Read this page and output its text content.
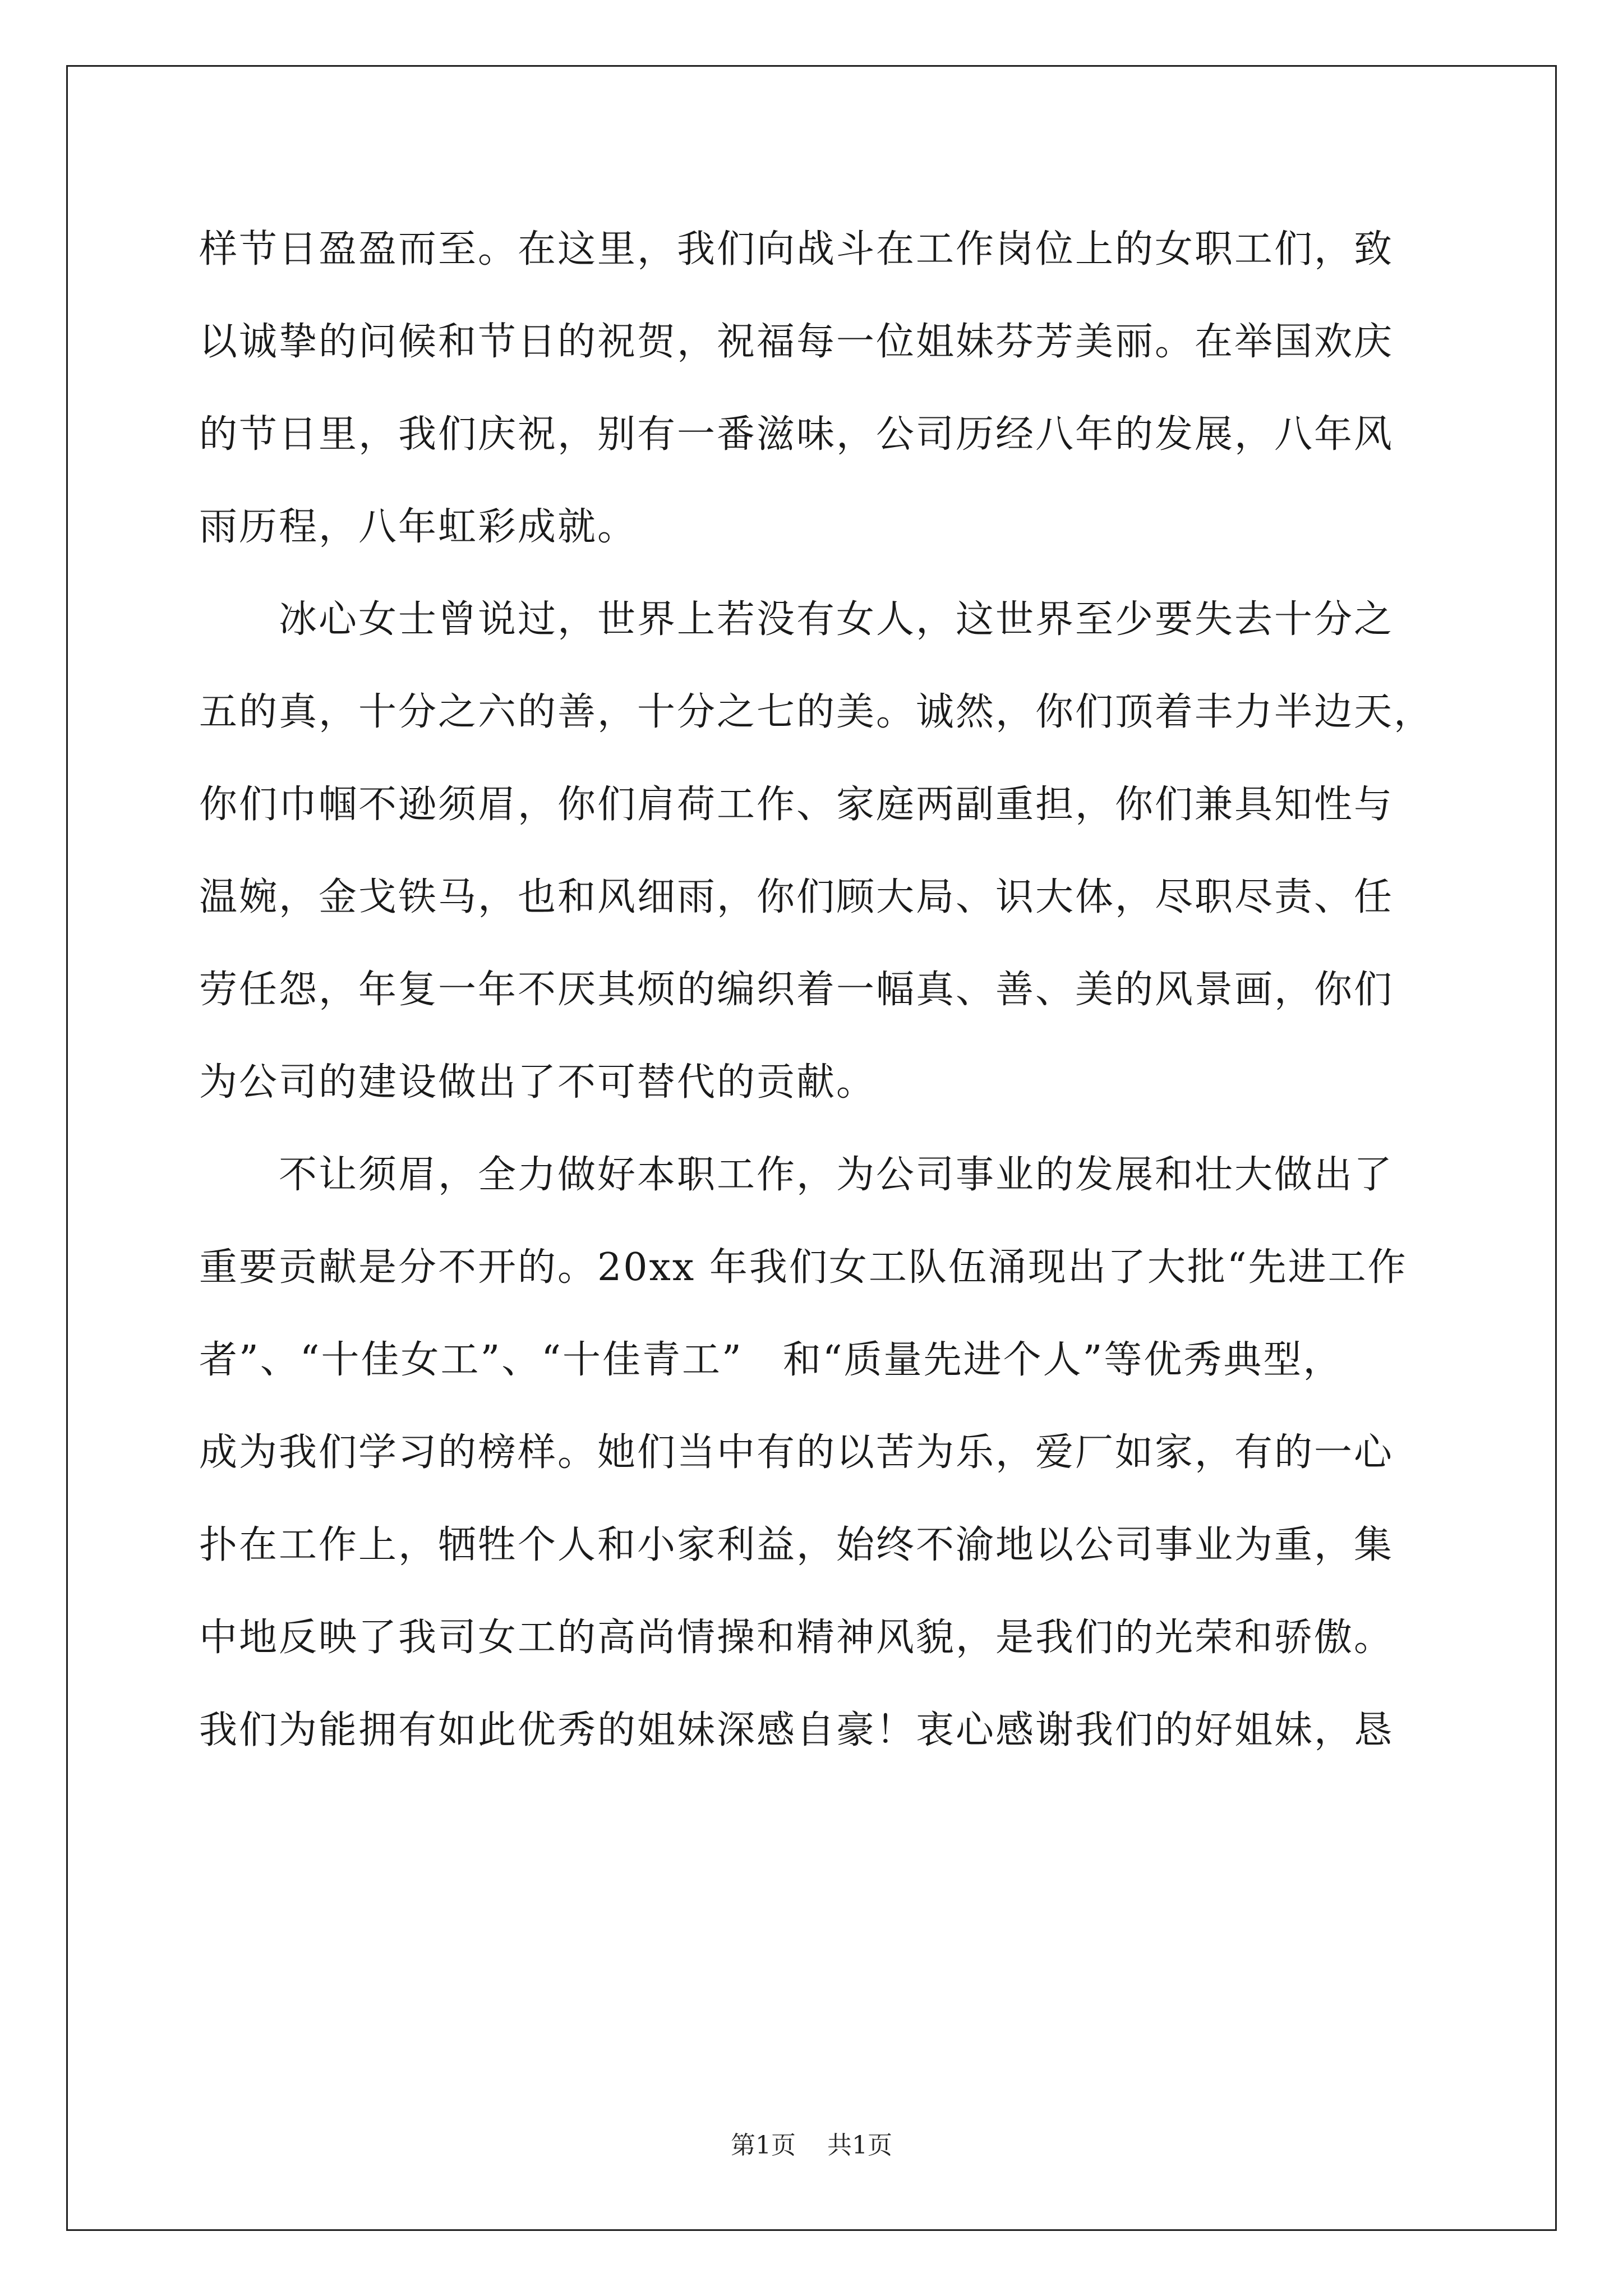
样节日盈盈而至。在这里，我们向战斗在工作岗位上的女职工们，致
以诚挚的问候和节日的祝贺，祝福每一位姐妹芬芳美丽。在举国欢庆
的节日里，我们庆祝，别有一番滋味，公司历经八年的发展，八年风
雨历程，八年虹彩成就。
　　冰心女士曾说过，世界上若没有女人，这世界至少要失去十分之
五的真，十分之六的善，十分之七的美。诚然，你们顶着丰力半边天，
你们巾帼不逊须眉，你们肩荷工作、家庭两副重担，你们兼具知性与
温婉，金戈铁马，也和风细雨，你们顾大局、识大体，尽职尽责、任
劳任怨，年复一年不厌其烦的编织着一幅真、善、美的风景画，你们
为公司的建设做出了不可替代的贡献。
　　不让须眉，全力做好本职工作，为公司事业的发展和壮大做出了
重要贡献是分不开的。20xx 年我们女工队伍涌现出了大批“先进工作
者”、“十佳女工”、“十佳青工”　和“质量先进个人”等优秀典型，
成为我们学习的榜样。她们当中有的以苦为乐，爱厂如家，有的一心
扑在工作上，牺牲个人和小家利益，始终不渝地以公司事业为重，集
中地反映了我司女工的高尚情操和精神风貌，是我们的光荣和骄傲。
我们为能拥有如此优秀的姐妹深感自豪！衷心感谢我们的好姐妹，恳
第1页 共1页
